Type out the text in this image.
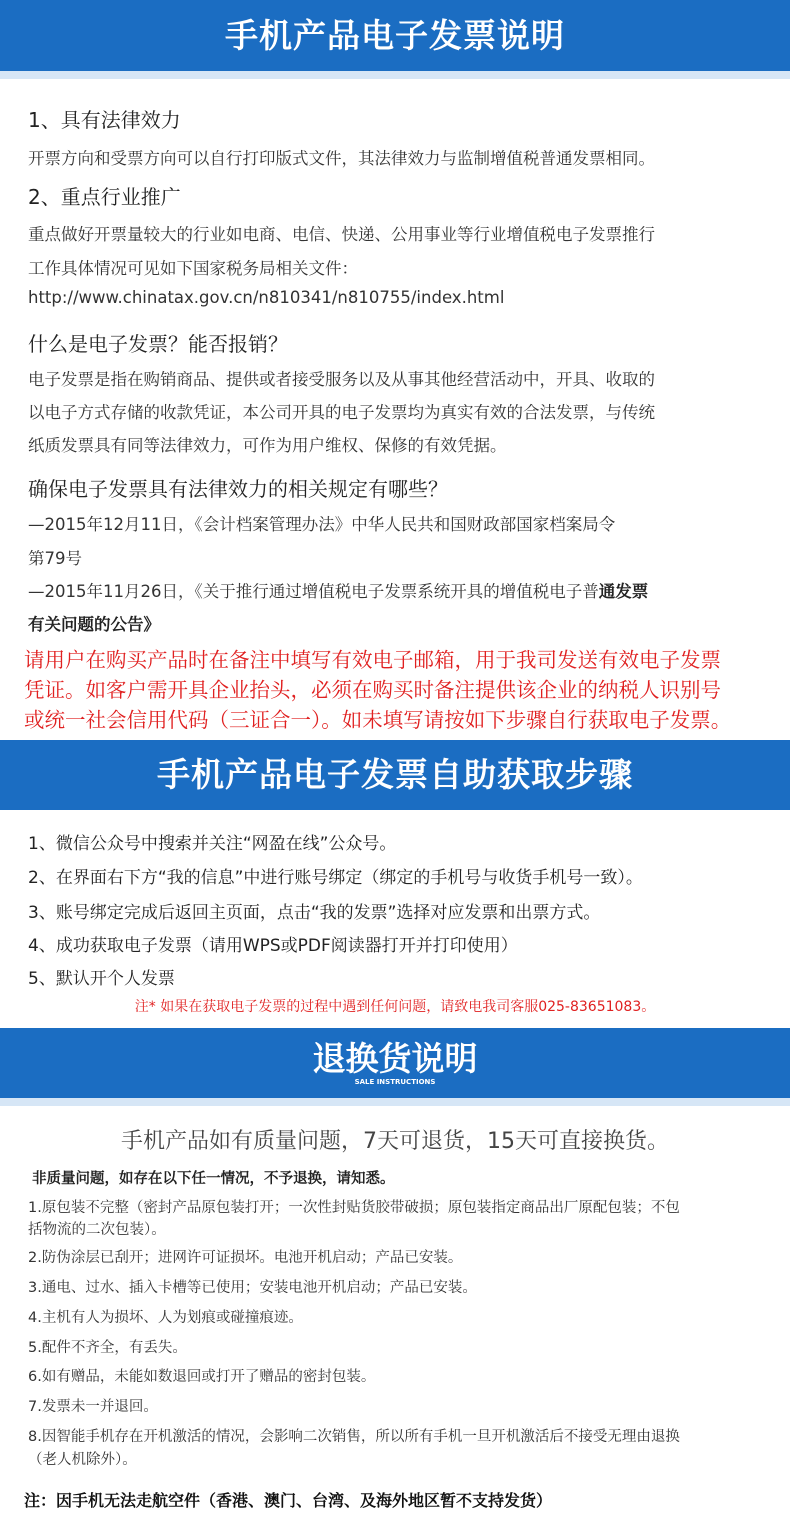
手机产品电子发票说明
1、具有法律效力
开票方向和受票方向可以自行打印版式文件，其法律效力与监制增值税普通发票相同。
2、重点行业推广
重点做好开票量较大的行业如电商、电信、快递、公用事业等行业增值税电子发票推行
工作具体情况可见如下国家税务局相关文件：
http://www.chinatax.gov.cn/n810341/n810755/index.html
什么是电子发票？能否报销？
电子发票是指在购销商品、提供或者接受服务以及从事其他经营活动中，开具、收取的
以电子方式存储的收款凭证，本公司开具的电子发票均为真实有效的合法发票，与传统
纸质发票具有同等法律效力，可作为用户维权、保修的有效凭据。
确保电子发票具有法律效力的相关规定有哪些？
—2015年12月11日，《会计档案管理办法》中华人民共和国财政部国家档案局令
第79号
—2015年11月26日，《关于推行通过增值税电子发票系统开具的增值税电子普通发票
有关问题的公告》
请用户在购买产品时在备注中填写有效电子邮箱，用于我司发送有效电子发票
凭证。如客户需开具企业抬头，必须在购买时备注提供该企业的纳税人识别号
或统一社会信用代码（三证合一）。如未填写请按如下步骤自行获取电子发票。
手机产品电子发票自助获取步骤
1、微信公众号中搜索并关注“网盈在线”公众号。
2、在界面右下方“我的信息”中进行账号绑定（绑定的手机号与收货手机号一致）。
3、账号绑定完成后返回主页面，点击“我的发票”选择对应发票和出票方式。
4、成功获取电子发票（请用WPS或PDF阅读器打开并打印使用）
5、默认开个人发票
注* 如果在获取电子发票的过程中遇到任何问题，请致电我司客服025-83651083。
退换货说明
SALE INSTRUCTIONS
手机产品如有质量问题，7天可退货，15天可直接换货。
非质量问题，如存在以下任一情况，不予退换，请知悉。
1.原包装不完整（密封产品原包装打开；一次性封贴货胶带破损；原包装指定商品出厂原配包装；不包
括物流的二次包装）。
2.防伪涂层已刮开；进网许可证损坏。电池开机启动；产品已安装。
3.通电、过水、插入卡槽等已使用；安装电池开机启动；产品已安装。
4.主机有人为损坏、人为划痕或碰撞痕迹。
5.配件不齐全，有丢失。
6.如有赠品，未能如数退回或打开了赠品的密封包装。
7.发票未一并退回。
8.因智能手机存在开机激活的情况，会影响二次销售，所以所有手机一旦开机激活后不接受无理由退换
（老人机除外）。
注：因手机无法走航空件（香港、澳门、台湾、及海外地区暂不支持发货）
